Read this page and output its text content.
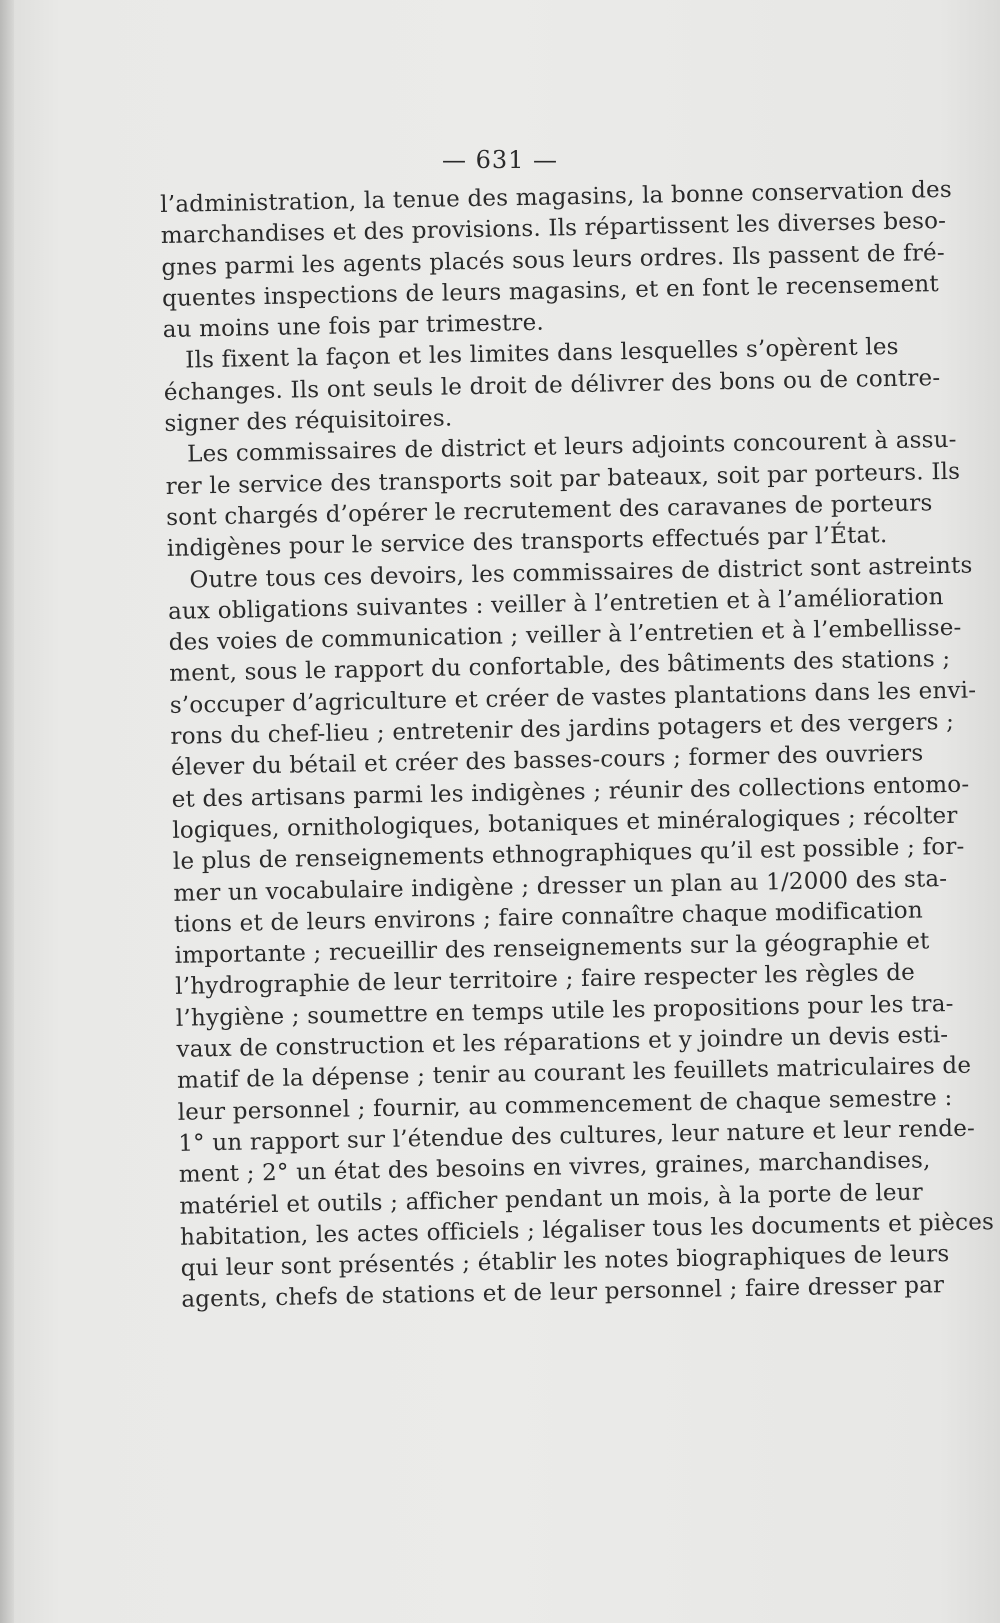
— 631 —
l’administration, la tenue des magasins, la bonne conservation des
marchandises et des provisions. Ils répartissent les diverses beso-
gnes parmi les agents placés sous leurs ordres. Ils passent de fré-
quentes inspections de leurs magasins, et en font le recensement
au moins une fois par trimestre.
Ils fixent la façon et les limites dans lesquelles s’opèrent les
échanges. Ils ont seuls le droit de délivrer des bons ou de contre-
signer des réquisitoires.
Les commissaires de district et leurs adjoints concourent à assu-
rer le service des transports soit par bateaux, soit par porteurs. Ils
sont chargés d’opérer le recrutement des caravanes de porteurs
indigènes pour le service des transports effectués par l’État.
Outre tous ces devoirs, les commissaires de district sont astreints
aux obligations suivantes : veiller à l’entretien et à l’amélioration
des voies de communication ; veiller à l’entretien et à l’embellisse-
ment, sous le rapport du confortable, des bâtiments des stations ;
s’occuper d’agriculture et créer de vastes plantations dans les envi-
rons du chef-lieu ; entretenir des jardins potagers et des vergers ;
élever du bétail et créer des basses-cours ; former des ouvriers
et des artisans parmi les indigènes ; réunir des collections entomo-
logiques, ornithologiques, botaniques et minéralogiques ; récolter
le plus de renseignements ethnographiques qu’il est possible ; for-
mer un vocabulaire indigène ; dresser un plan au 1/2000 des sta-
tions et de leurs environs ; faire connaître chaque modification
importante ; recueillir des renseignements sur la géographie et
l’hydrographie de leur territoire ; faire respecter les règles de
l’hygiène ; soumettre en temps utile les propositions pour les tra-
vaux de construction et les réparations et y joindre un devis esti-
matif de la dépense ; tenir au courant les feuillets matriculaires de
leur personnel ; fournir, au commencement de chaque semestre :
1° un rapport sur l’étendue des cultures, leur nature et leur rende-
ment ; 2° un état des besoins en vivres, graines, marchandises,
matériel et outils ; afficher pendant un mois, à la porte de leur
habitation, les actes officiels ; légaliser tous les documents et pièces
qui leur sont présentés ; établir les notes biographiques de leurs
agents, chefs de stations et de leur personnel ; faire dresser par
